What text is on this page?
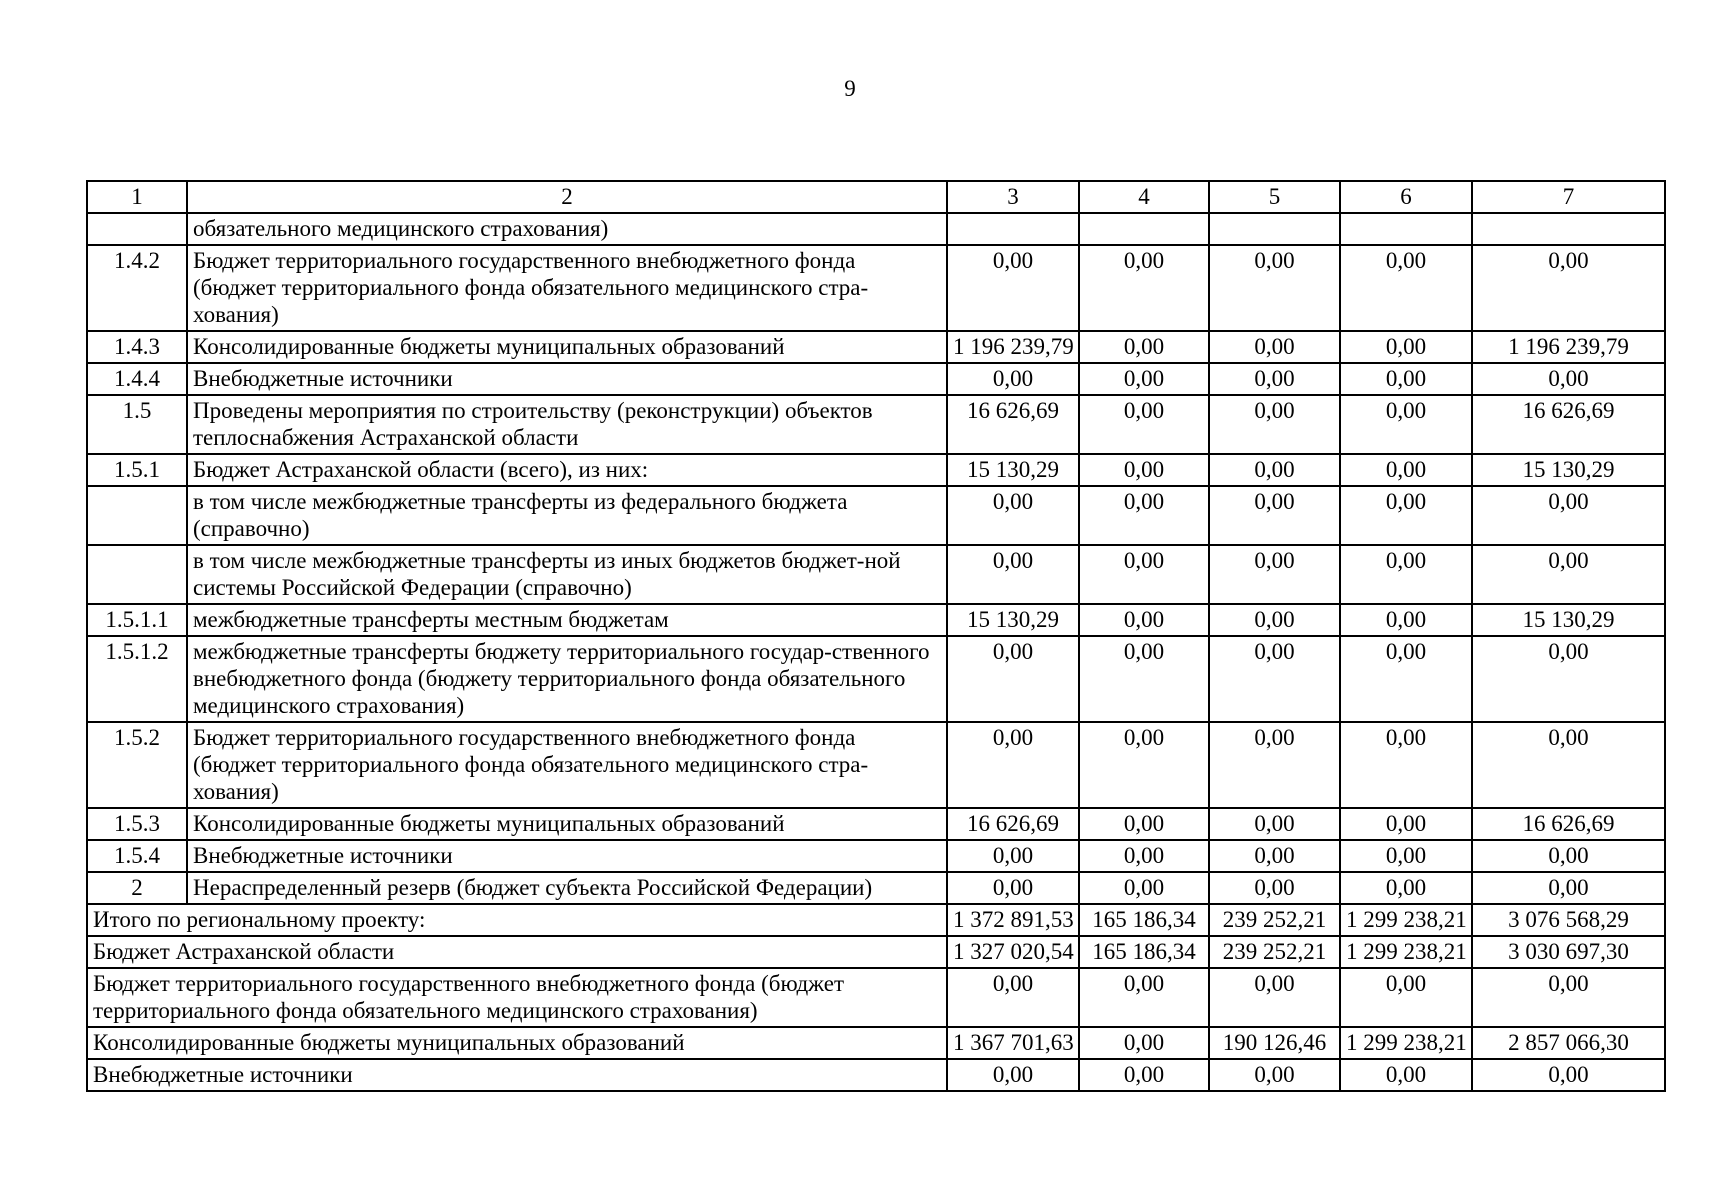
9
1	2	3	4	5	6	7
	обязательного медицинского страхования)					
1.4.2	Бюджет территориального государственного внебюджетного фонда (бюджет территориального фонда обязательного медицинского стра-хования)	0,00	0,00	0,00	0,00	0,00
1.4.3	Консолидированные бюджеты муниципальных образований	1 196 239,79	0,00	0,00	0,00	1 196 239,79
1.4.4	Внебюджетные источники	0,00	0,00	0,00	0,00	0,00
1.5	Проведены мероприятия по строительству (реконструкции) объектов теплоснабжения Астраханской области	16 626,69	0,00	0,00	0,00	16 626,69
1.5.1	Бюджет Астраханской области (всего), из них:	15 130,29	0,00	0,00	0,00	15 130,29
	в том числе межбюджетные трансферты из федерального бюджета (справочно)	0,00	0,00	0,00	0,00	0,00
	в том числе межбюджетные трансферты из иных бюджетов бюджет-ной системы Российской Федерации (справочно)	0,00	0,00	0,00	0,00	0,00
1.5.1.1	межбюджетные трансферты местным бюджетам	15 130,29	0,00	0,00	0,00	15 130,29
1.5.1.2	межбюджетные трансферты бюджету территориального государ-ственного внебюджетного фонда (бюджету территориального фонда обязательного медицинского страхования)	0,00	0,00	0,00	0,00	0,00
1.5.2	Бюджет территориального государственного внебюджетного фонда (бюджет территориального фонда обязательного медицинского стра-хования)	0,00	0,00	0,00	0,00	0,00
1.5.3	Консолидированные бюджеты муниципальных образований	16 626,69	0,00	0,00	0,00	16 626,69
1.5.4	Внебюджетные источники	0,00	0,00	0,00	0,00	0,00
2	Нераспределенный резерв (бюджет субъекта Российской Федерации)	0,00	0,00	0,00	0,00	0,00
Итого по региональному проекту:		1 372 891,53	165 186,34	239 252,21	1 299 238,21	3 076 568,29
Бюджет Астраханской области		1 327 020,54	165 186,34	239 252,21	1 299 238,21	3 030 697,30
Бюджет территориального государственного внебюджетного фонда (бюджет территориального фонда обязательного медицинского страхования)		0,00	0,00	0,00	0,00	0,00
Консолидированные бюджеты муниципальных образований		1 367 701,63	0,00	190 126,46	1 299 238,21	2 857 066,30
Внебюджетные источники		0,00	0,00	0,00	0,00	0,00
